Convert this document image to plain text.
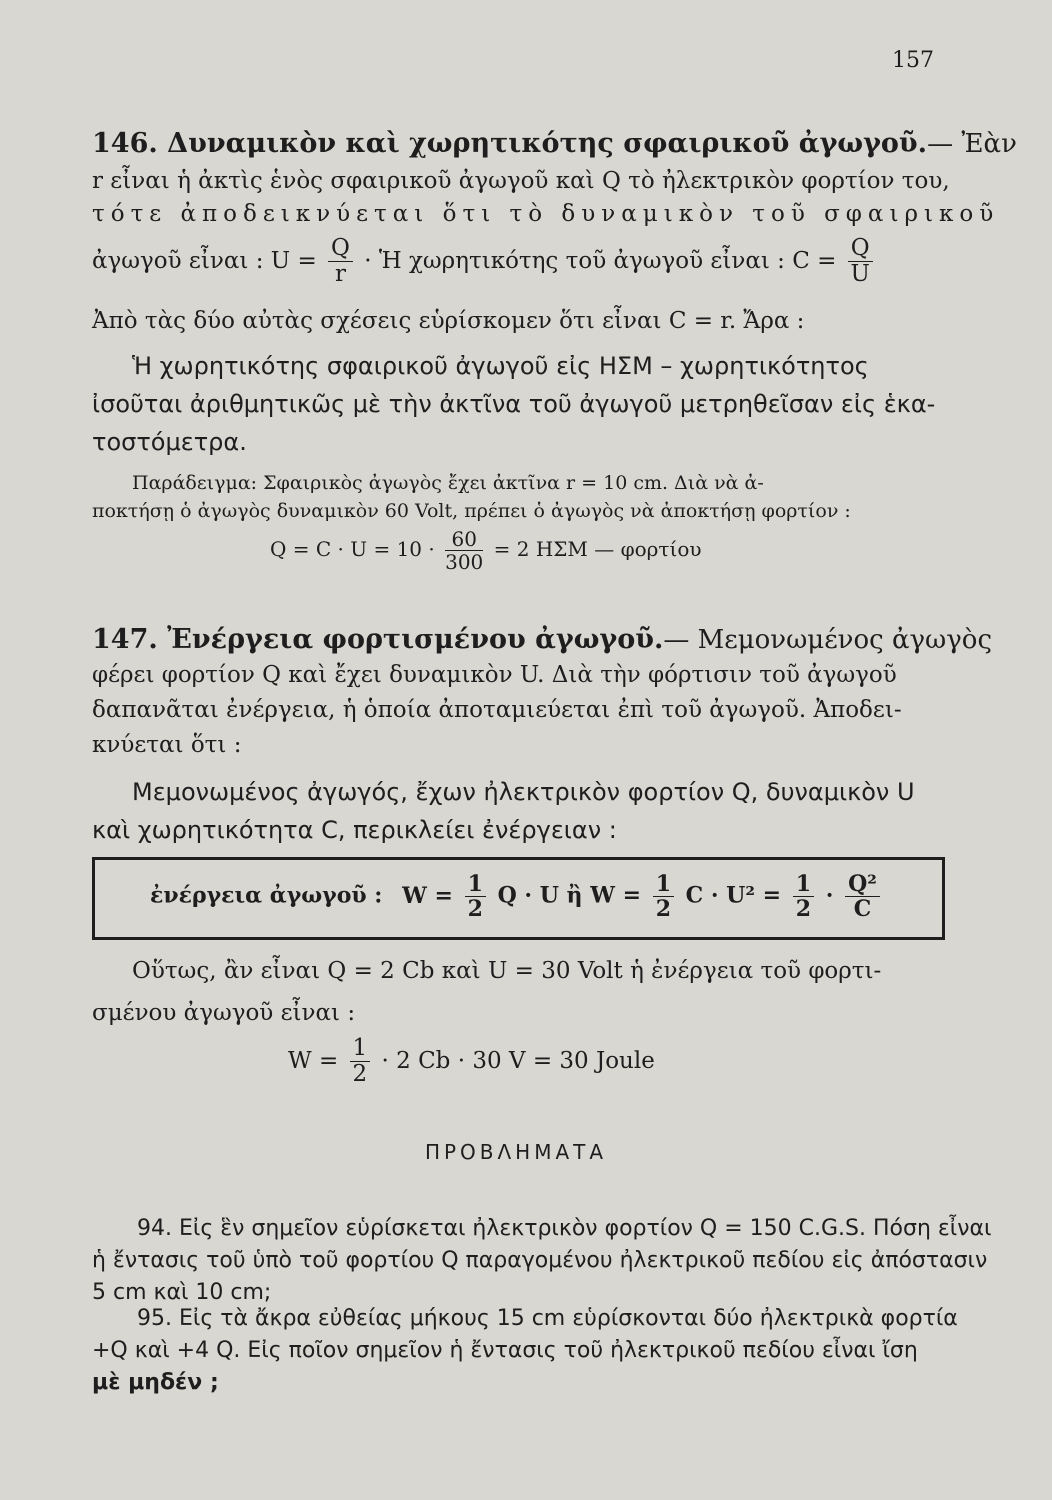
157
146. Δυναμικὸν καὶ χωρητικότης σφαιρικοῦ ἀγωγοῦ.— Ἐὰν
r εἶναι ἡ ἀκτὶς ἑνὸς σφαιρικοῦ ἀγωγοῦ καὶ Q τὸ ἠλεκτρικὸν φορτίον του,
τότε ἀποδεικνύεται ὅτι τὸ δυναμικὸν τοῦ σφαιρικοῦ
ἀγωγοῦ εἶναι : $U = \frac{Q}{r}$ · Ἡ χωρητικότης τοῦ ἀγωγοῦ εἶναι : $C = \frac{Q}{U}$
Ἀπὸ τὰς δύο αὐτὰς σχέσεις εὑρίσκομεν ὅτι εἶναι C = r. Ἄρα :
Ἡ χωρητικότης σφαιρικοῦ ἀγωγοῦ εἰς ΗΣΜ – χωρητικότητος
ἰσοῦται ἀριθμητικῶς μὲ τὴν ἀκτῖνα τοῦ ἀγωγοῦ μετρηθεῖσαν εἰς ἑκα-
τοστόμετρα.
Παράδειγμα: Σφαιρικὸς ἀγωγὸς ἔχει ἀκτῖνα r = 10 cm. Διὰ νὰ ἀ-
ποκτήσῃ ὁ ἀγωγὸς δυναμικὸν 60 Volt, πρέπει ὁ ἀγωγὸς νὰ ἀποκτήσῃ φορτίον :
$Q = C \cdot U = 10 \cdot \frac{60}{300} = 2$ ΗΣΜ — φορτίου
147. Ἐνέργεια φορτισμένου ἀγωγοῦ.— Μεμονωμένος ἀγωγὸς
φέρει φορτίον Q καὶ ἔχει δυναμικὸν U. Διὰ τὴν φόρτισιν τοῦ ἀγωγοῦ
δαπανᾶται ἐνέργεια, ἡ ὁποία ἀποταμιεύεται ἐπὶ τοῦ ἀγωγοῦ. Ἀποδει-
κνύεται ὅτι :
Μεμονωμένος ἀγωγός, ἔχων ἠλεκτρικὸν φορτίον Q, δυναμικὸν U
καὶ χωρητικότητα C, περικλείει ἐνέργειαν :
ἐνέργεια ἀγωγοῦ : $W = \frac{1}{2}$ Q · U ἢ $W = \frac{1}{2}$ $C \cdot U^2 = \frac{1}{2} \cdot \frac{\text{Q²}}{C}$
Οὕτως, ἂν εἶναι Q = 2 Cb καὶ U = 30 Volt ἡ ἐνέργεια τοῦ φορτι-
σμένου ἀγωγοῦ εἶναι :
$W = \frac{1}{2} \cdot 2$ Cb · 30 V = 30 Joule
ΠΡΟΒΛΗΜΑΤΑ
94. Εἰς ἓν σημεῖον εὑρίσκεται ἠλεκτρικὸν φορτίον Q = 150 C.G.S. Πόση εἶναι
ἡ ἔντασις τοῦ ὑπὸ τοῦ φορτίου Q παραγομένου ἠλεκτρικοῦ πεδίου εἰς ἀπόστασιν
5 cm καὶ 10 cm;
95. Εἰς τὰ ἄκρα εὐθείας μήκους 15 cm εὑρίσκονται δύο ἠλεκτρικὰ φορτία
+Q καὶ +4 Q. Εἰς ποῖον σημεῖον ἡ ἔντασις τοῦ ἠλεκτρικοῦ πεδίου εἶναι ἴση
μὲ μηδέν ;
